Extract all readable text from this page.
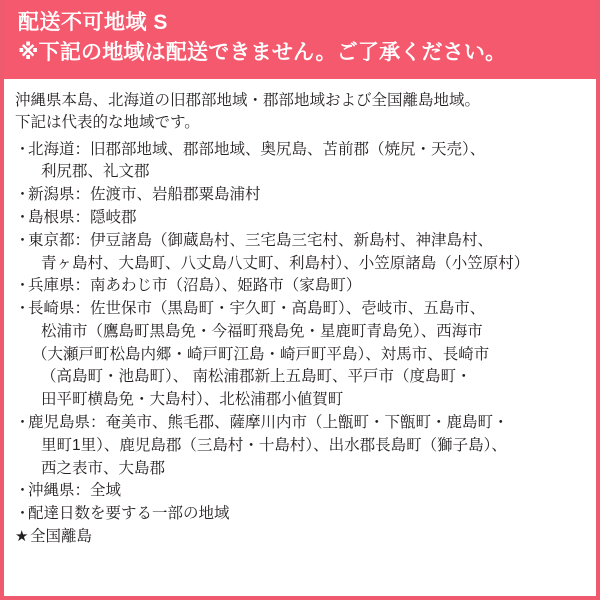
配送不可地域 S
※下記の地域は配送できません。ご了承ください。
沖縄県本島、北海道の旧郡部地域・郡部地域および全国離島地域。
下記は代表的な地域です。
・
北海道：旧郡部地域、郡部地域、奥尻島、苫前郡（焼尻・天売）、
利尻郡、礼文郡
・
新潟県：佐渡市、岩船郡粟島浦村
・
島根県：隠岐郡
・
東京都：伊豆諸島（御蔵島村、三宅島三宅村、新島村、神津島村、
青ヶ島村、大島町、八丈島八丈町、利島村）、小笠原諸島（小笠原村）
・
兵庫県：南あわじ市（沼島）、姫路市（家島町）
・
長崎県：佐世保市（黒島町・宇久町・高島町）、壱岐市、五島市、
松浦市（鷹島町黒島免・今福町飛島免・星鹿町青島免）、西海市
（大瀬戸町松島内郷・崎戸町江島・崎戸町平島）、対馬市、長崎市
（高島町・池島町）、 南松浦郡新上五島町、平戸市（度島町・
田平町横島免・大島村）、北松浦郡小値賀町
・
鹿児島県：奄美市、熊毛郡、薩摩川内市（上甑町・下甑町・鹿島町・
里町1里）、鹿児島郡（三島村・十島村）、出水郡長島町（獅子島）、
西之表市、大島郡
・
沖縄県：全域
・
配達日数を要する一部の地域
★ 全国離島
